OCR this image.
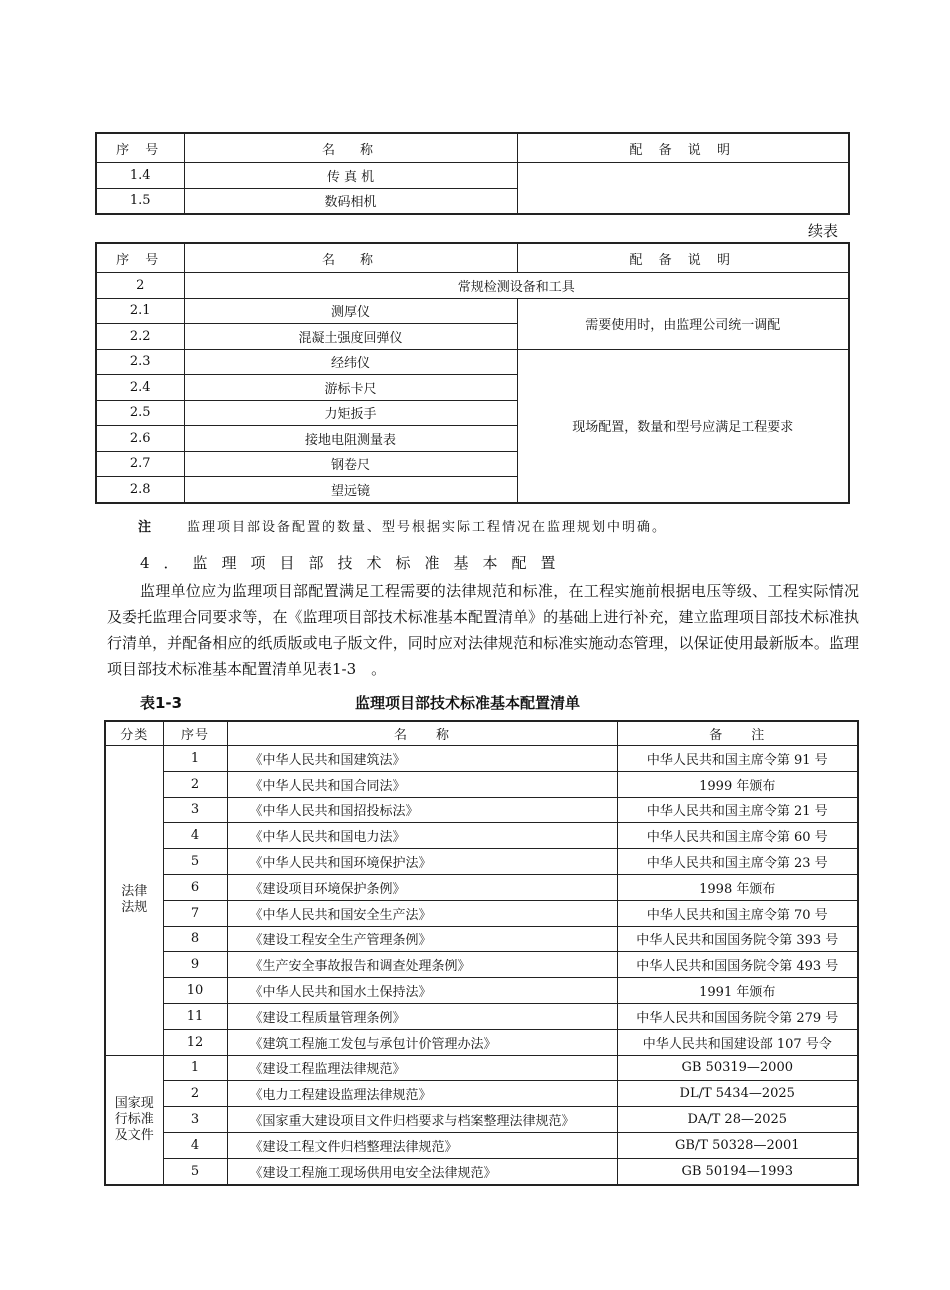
序 号	名　称	配 备 说 明
1.4	传 真 机	
1.5	数码相机	
续表
序 号	名　称	配 备 说 明
2	常规检测设备和工具	
2.1	测厚仪	需要使用时，由监理公司统一调配
2.2	混凝土强度回弹仪	
2.3	经纬仪	现场配置，数量和型号应满足工程要求
2.4	游标卡尺	
2.5	力矩扳手	
2.6	接地电阻测量表	
2.7	钢卷尺	
2.8	望远镜	
注	监理项目部设备配置的数量、型号根据实际工程情况在监理规划中明确。
4．监理项目部技术标准基本配置
监理单位应为监理项目部配置满足工程需要的法律规范和标准，在工程实施前根据电压等级、工程实际情况及委托监理合同要求等，在《监理项目部技术标准基本配置清单》的基础上进行补充，建立监理项目部技术标准执行清单，并配备相应的纸质版或电子版文件，同时应对法律规范和标准实施动态管理，以保证使用最新版本。监理项目部技术标准基本配置清单见表1-3　。
表1-3	监理项目部技术标准基本配置清单
分类	序号	名　　称	备　　注
法律
法规	1	《中华人民共和国建筑法》	中华人民共和国主席令第 91 号
	2	《中华人民共和国合同法》	1999 年颁布
	3	《中华人民共和国招投标法》	中华人民共和国主席令第 21 号
	4	《中华人民共和国电力法》	中华人民共和国主席令第 60 号
	5	《中华人民共和国环境保护法》	中华人民共和国主席令第 23 号
	6	《建设项目环境保护条例》	1998 年颁布
	7	《中华人民共和国安全生产法》	中华人民共和国主席令第 70 号
	8	《建设工程安全生产管理条例》	中华人民共和国国务院令第 393 号
	9	《生产安全事故报告和调查处理条例》	中华人民共和国国务院令第 493 号
	10	《中华人民共和国水土保持法》	1991 年颁布
	11	《建设工程质量管理条例》	中华人民共和国国务院令第 279 号
	12	《建筑工程施工发包与承包计价管理办法》	中华人民共和国建设部 107 号令
国家现
行标准
及文件	1	《建设工程监理法律规范》	GB 50319—2000
	2	《电力工程建设监理法律规范》	DL/T 5434—2025
	3	《国家重大建设项目文件归档要求与档案整理法律规范》	DA/T 28—2025
	4	《建设工程文件归档整理法律规范》	GB/T 50328—2001
	5	《建设工程施工现场供用电安全法律规范》	GB 50194—1993
